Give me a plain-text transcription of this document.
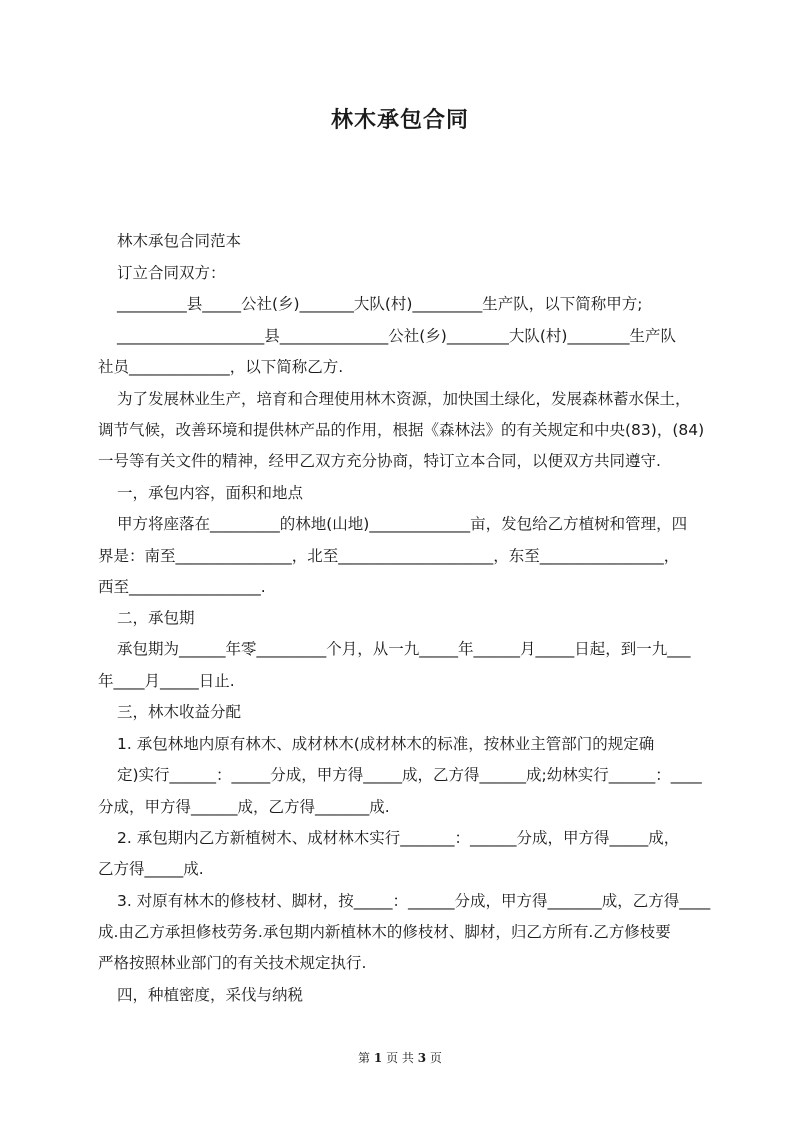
林木承包合同
林木承包合同范本
订立合同双方：
_________县_____公社(乡)_______大队(村)_________生产队，以下简称甲方;
___________________县______________公社(乡)________大队(村)________生产队
社员_____________，以下简称乙方.
为了发展林业生产，培育和合理使用林木资源，加快国土绿化，发展森林蓄水保土，
调节气候，改善环境和提供林产品的作用，根据《森林法》的有关规定和中央(83)，(84)
一号等有关文件的精神，经甲乙双方充分协商，特订立本合同，以便双方共同遵守.
一，承包内容，面积和地点
甲方将座落在_________的林地(山地)_____________亩，发包给乙方植树和管理，四
界是：南至_______________，北至____________________，东至________________，
西至_________________.
二，承包期
承包期为______年零_________个月，从一九_____年______月_____日起，到一九___
年____月_____日止.
三，林木收益分配
1. 承包林地内原有林木、成材林木(成材林木的标准，按林业主管部门的规定确
定)实行______：_____分成，甲方得_____成，乙方得______成;幼林实行______：____
分成，甲方得______成，乙方得_______成.
2. 承包期内乙方新植树木、成材林木实行_______：______分成，甲方得_____成，
乙方得_____成.
3. 对原有林木的修枝材、脚材，按_____：______分成，甲方得_______成，乙方得____
成.由乙方承担修枝劳务.承包期内新植林木的修枝材、脚材，归乙方所有.乙方修枝要
严格按照林业部门的有关技术规定执行.
四，种植密度，采伐与纳税
第 1 页 共 3 页
